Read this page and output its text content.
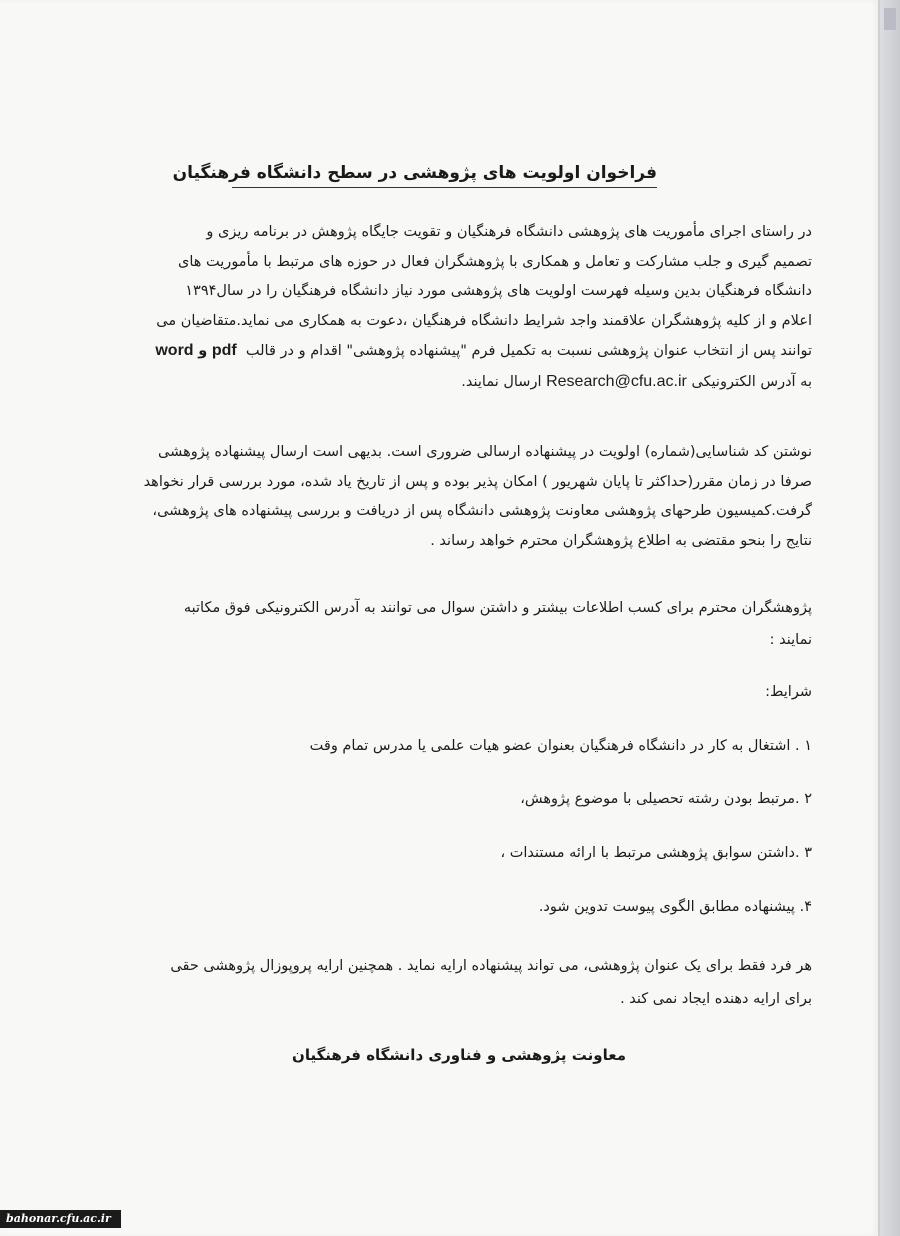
فراخوان اولویت های پژوهشی در سطح دانشگاه فرهنگیان
در راستای اجرای مأموریت های پژوهشی دانشگاه فرهنگیان و تقویت جایگاه پژوهش در برنامه ریزی و
تصمیم گیری و جلب مشارکت و تعامل و همکاری با پژوهشگران فعال در حوزه های مرتبط با مأموریت های
دانشگاه فرهنگیان بدین وسیله فهرست اولویت های پژوهشی مورد نیاز دانشگاه فرهنگیان را در سال۱۳۹۴
اعلام و از کلیه پژوهشگران علاقمند واجد شرایط دانشگاه فرهنگیان ،دعوت به همکاری می نماید.متقاضیان می
توانند پس از انتخاب عنوان پژوهشی نسبت به تکمیل فرم "پیشنهاده پژوهشی" اقدام و در قالب  pdf و word
به آدرس الکترونیکی Research@cfu.ac.ir ارسال نمایند.
نوشتن کد شناسایی(شماره) اولویت در پیشنهاده ارسالی ضروری است. بدیهی است ارسال پیشنهاده پژوهشی
صرفا در زمان مقرر(حداکثر تا پایان شهریور ) امکان پذیر بوده و پس از تاریخ یاد شده، مورد بررسی قرار نخواهد
گرفت.کمیسیون طرحهای پژوهشی معاونت پژوهشی دانشگاه پس از دریافت و بررسی پیشنهاده های پژوهشی،
نتایج را بنحو مقتضی به اطلاع پژوهشگران محترم خواهد رساند .
پژوهشگران محترم برای کسب اطلاعات بیشتر و داشتن سوال می توانند به آدرس الکترونیکی فوق مکاتبه
نمایند :
شرایط:
۱ . اشتغال به کار در دانشگاه فرهنگیان بعنوان عضو هیات علمی یا مدرس تمام وقت
۲ .مرتبط بودن رشته تحصیلی با موضوع پژوهش،
۳ .داشتن سوابق پژوهشی مرتبط با ارائه مستندات ،
۴. پیشنهاده مطابق الگوی پیوست تدوین شود.
هر فرد فقط برای یک عنوان پژوهشی، می تواند پیشنهاده ارایه نماید . همچنین ارایه پروپوزال پژوهشی حقی
برای ارایه دهنده ایجاد نمی کند .
معاونت پژوهشی و فناوری دانشگاه فرهنگیان
bahonar.cfu.ac.ir
